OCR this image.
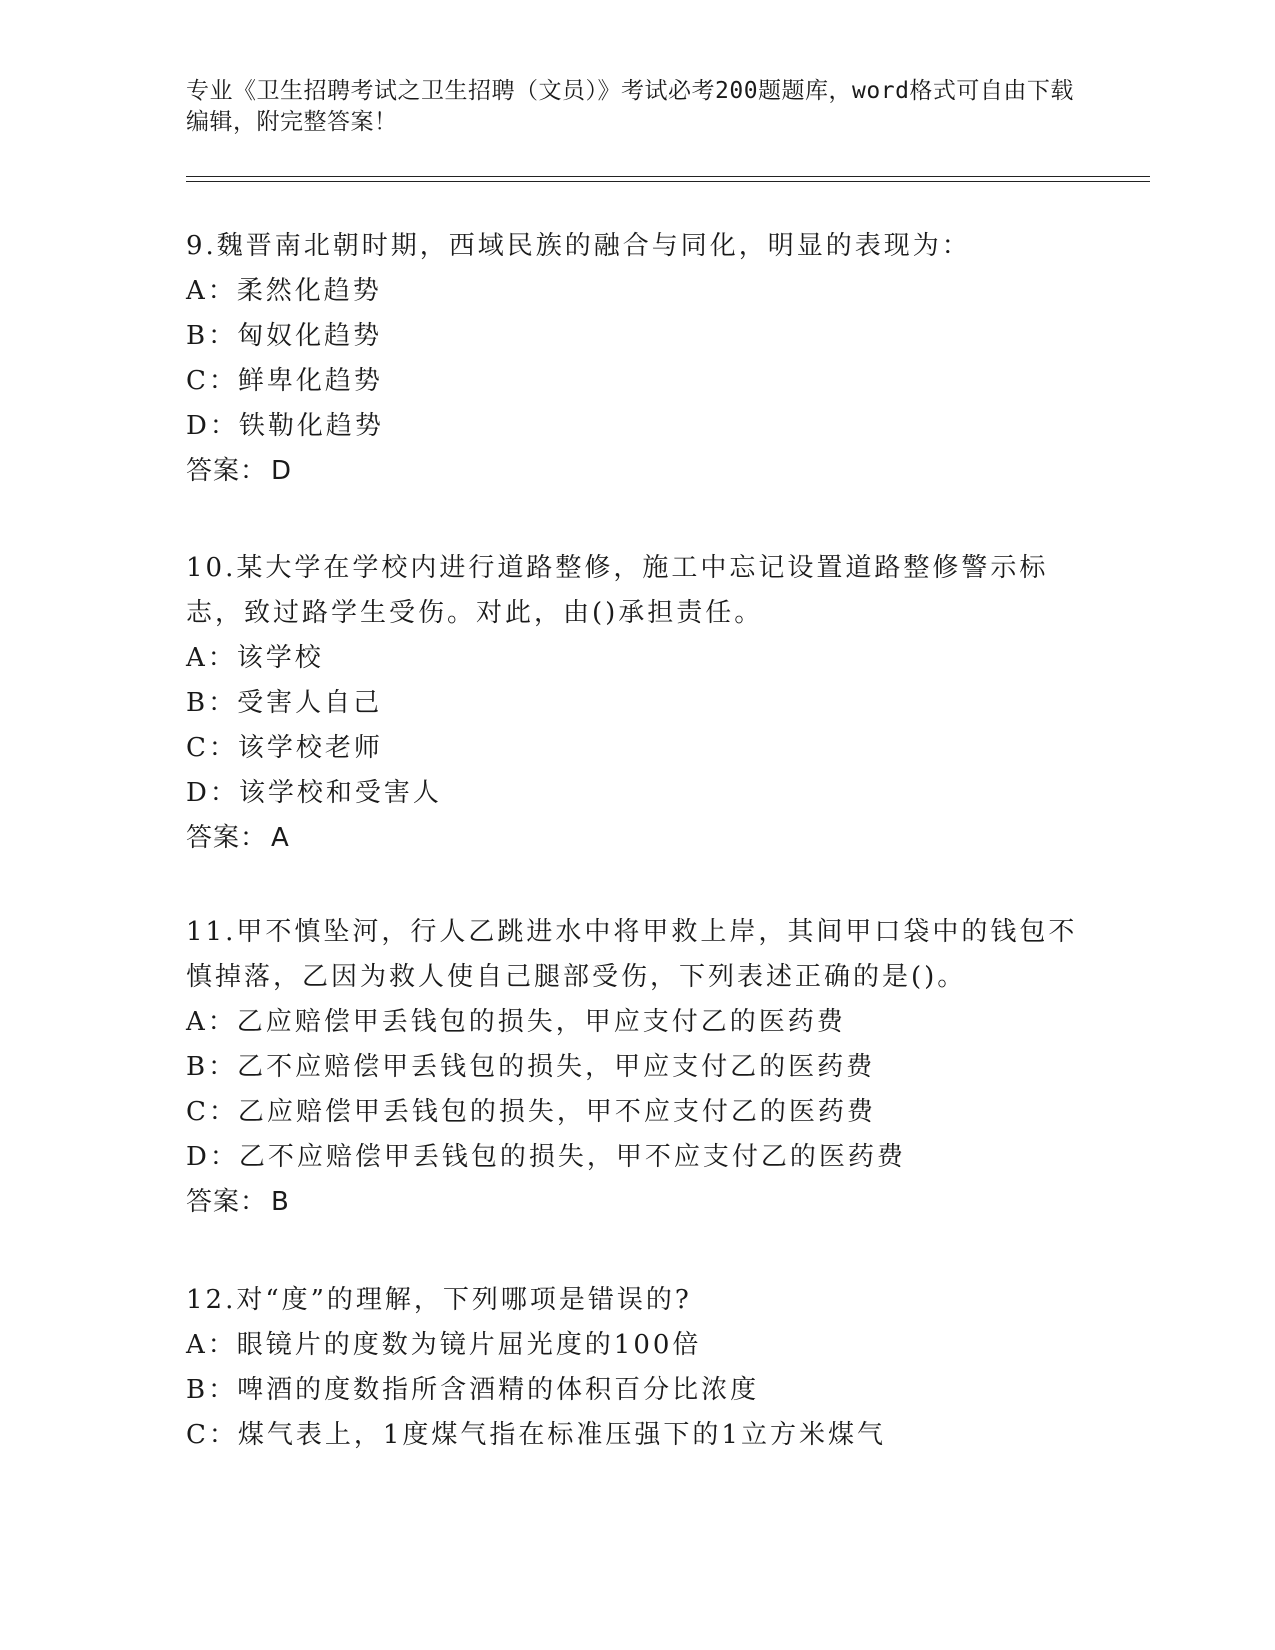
专业《卫生招聘考试之卫生招聘（文员）》考试必考200题题库，word格式可自由下载编辑，附完整答案！
9.魏晋南北朝时期，西域民族的融合与同化，明显的表现为：
A：柔然化趋势
B：匈奴化趋势
C：鲜卑化趋势
D：铁勒化趋势
答案： D
10.某大学在学校内进行道路整修，施工中忘记设置道路整修警示标志，致过路学生受伤。对此，由()承担责任。
A：该学校
B：受害人自己
C：该学校老师
D：该学校和受害人
答案： A
11.甲不慎坠河，行人乙跳进水中将甲救上岸，其间甲口袋中的钱包不慎掉落，乙因为救人使自己腿部受伤，下列表述正确的是()。
A：乙应赔偿甲丢钱包的损失，甲应支付乙的医药费
B：乙不应赔偿甲丢钱包的损失，甲应支付乙的医药费
C：乙应赔偿甲丢钱包的损失，甲不应支付乙的医药费
D：乙不应赔偿甲丢钱包的损失，甲不应支付乙的医药费
答案： B
12.对“度”的理解，下列哪项是错误的?
A：眼镜片的度数为镜片屈光度的100倍
B：啤酒的度数指所含酒精的体积百分比浓度
C：煤气表上，1度煤气指在标准压强下的1立方米煤气
